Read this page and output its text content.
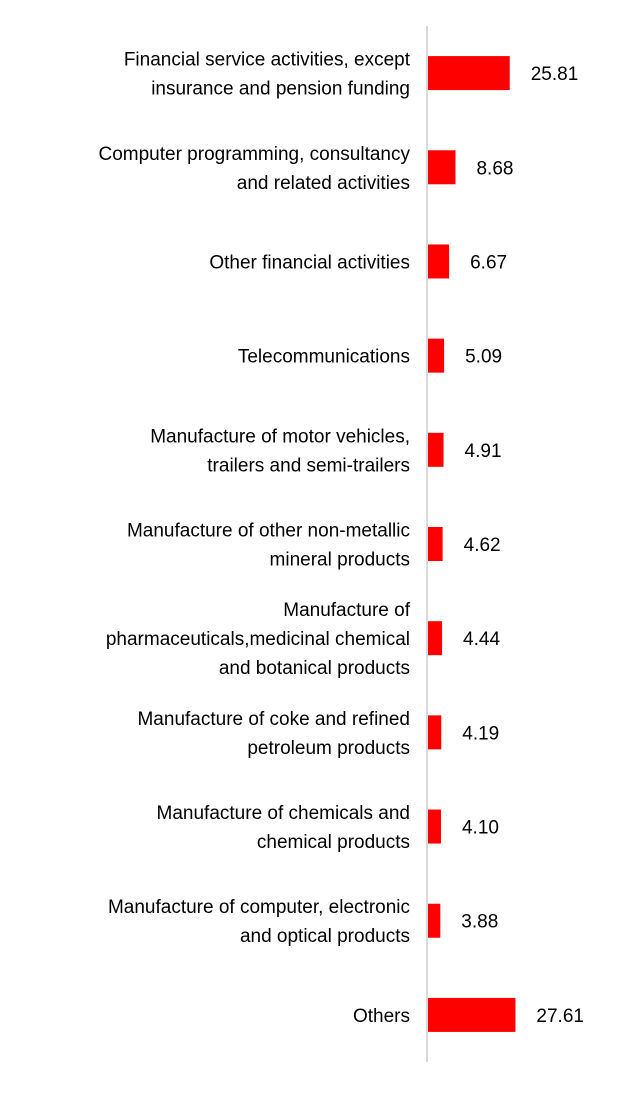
25.81
8.68
6.67
5.09
4.91
4.62
4.44
4.19
4.10
3.88
27.61
Financial service activities, except insurance and pension funding
Computer programming, consultancy and related activities
Other financial activities
Telecommunications
Manufacture of motor vehicles, trailers and semi-trailers
Manufacture of other non-metallic mineral products
Manufacture of pharmaceuticals,medicinal chemical and botanical products
Manufacture of coke and refined petroleum products
Manufacture of chemicals and chemical products
Manufacture of computer, electronic and optical products
Others
